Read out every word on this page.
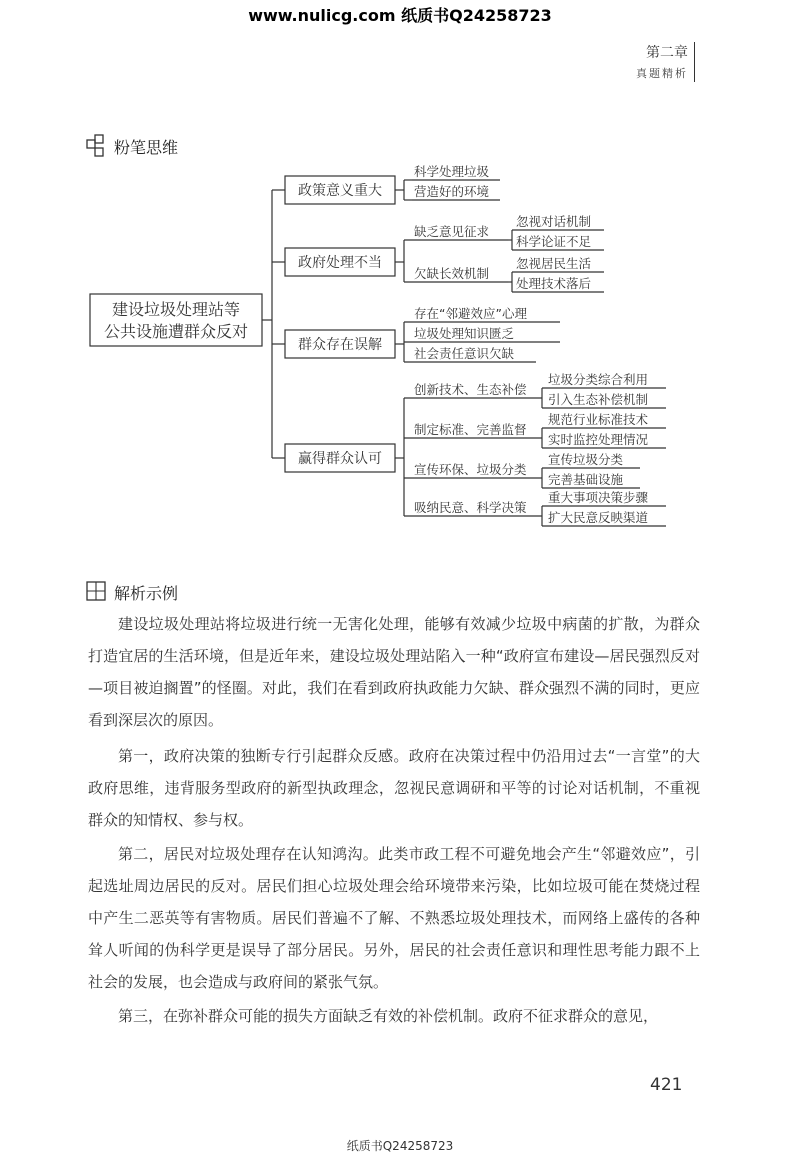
www.nulicg.com 纸质书Q24258723
第二章
真题精析
粉笔思维
建设垃圾处理站等
公共设施遭群众反对
政策意义重大
政府处理不当
群众存在误解
赢得群众认可
科学处理垃圾
营造好的环境
缺乏意见征求
欠缺长效机制
忽视对话机制
科学论证不足
忽视居民生活
处理技术落后
存在“邻避效应”心理
垃圾处理知识匮乏
社会责任意识欠缺
创新技术、生态补偿
制定标准、完善监督
宣传环保、垃圾分类
吸纳民意、科学决策
垃圾分类综合利用
引入生态补偿机制
规范行业标准技术
实时监控处理情况
宣传垃圾分类
完善基础设施
重大事项决策步骤
扩大民意反映渠道
解析示例
建设垃圾处理站将垃圾进行统一无害化处理，能够有效减少垃圾中病菌的扩散，为群众打造宜居的生活环境，但是近年来，建设垃圾处理站陷入一种“政府宣布建设—居民强烈反对—项目被迫搁置”的怪圈。对此，我们在看到政府执政能力欠缺、群众强烈不满的同时，更应看到深层次的原因。
第一，政府决策的独断专行引起群众反感。政府在决策过程中仍沿用过去“一言堂”的大政府思维，违背服务型政府的新型执政理念，忽视民意调研和平等的讨论对话机制，不重视群众的知情权、参与权。
第二，居民对垃圾处理存在认知鸿沟。此类市政工程不可避免地会产生“邻避效应”，引起选址周边居民的反对。居民们担心垃圾处理会给环境带来污染，比如垃圾可能在焚烧过程中产生二恶英等有害物质。居民们普遍不了解、不熟悉垃圾处理技术，而网络上盛传的各种耸人听闻的伪科学更是误导了部分居民。另外，居民的社会责任意识和理性思考能力跟不上社会的发展，也会造成与政府间的紧张气氛。
第三，在弥补群众可能的损失方面缺乏有效的补偿机制。政府不征求群众的意见，
421
纸质书Q24258723
